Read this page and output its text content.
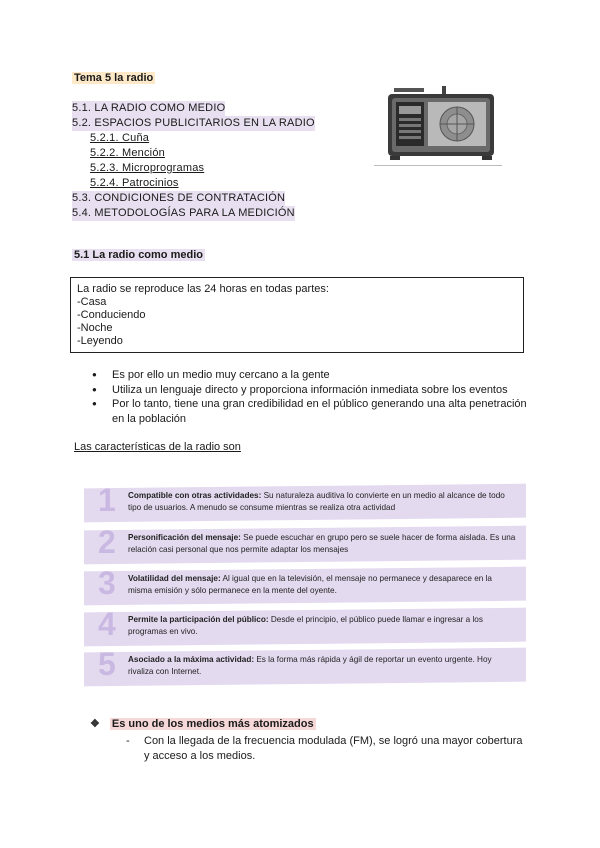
Tema 5 la radio
5.1. LA RADIO COMO MEDIO
5.2. ESPACIOS PUBLICITARIOS EN LA RADIO
5.2.1. Cuña
5.2.2. Mención
5.2.3. Microprogramas
5.2.4. Patrocinios
5.3. CONDICIONES DE CONTRATACIÓN
5.4. METODOLOGÍAS PARA LA MEDICIÓN
5.1 La radio como medio
La radio se reproduce las 24 horas en todas partes:
-Casa
-Conduciendo
-Noche
-Leyendo
● Es por ello un medio muy cercano a la gente
● Utiliza un lenguaje directo y proporciona información inmediata sobre los eventos
● Por lo tanto, tiene una gran credibilidad en el público generando una alta penetración en la población
Las características de la radio son
1 Compatible con otras actividades: Su naturaleza auditiva lo convierte en un medio al alcance de todo tipo de usuarios. A menudo se consume mientras se realiza otra actividad
2 Personificación del mensaje: Se puede escuchar en grupo pero se suele hacer de forma aislada. Es una relación casi personal que nos permite adaptar los mensajes
3 Volatilidad del mensaje: Al igual que en la televisión, el mensaje no permanece y desaparece en la misma emisión y sólo permanece en la mente del oyente.
4 Permite la participación del público: Desde el principio, el público puede llamar e ingresar a los programas en vivo.
5 Asociado a la máxima actividad: Es la forma más rápida y ágil de reportar un evento urgente. Hoy rivaliza con Internet.
❖ Es uno de los medios más atomizados
-	Con la llegada de la frecuencia modulada (FM), se logró una mayor cobertura y acceso a los medios.
